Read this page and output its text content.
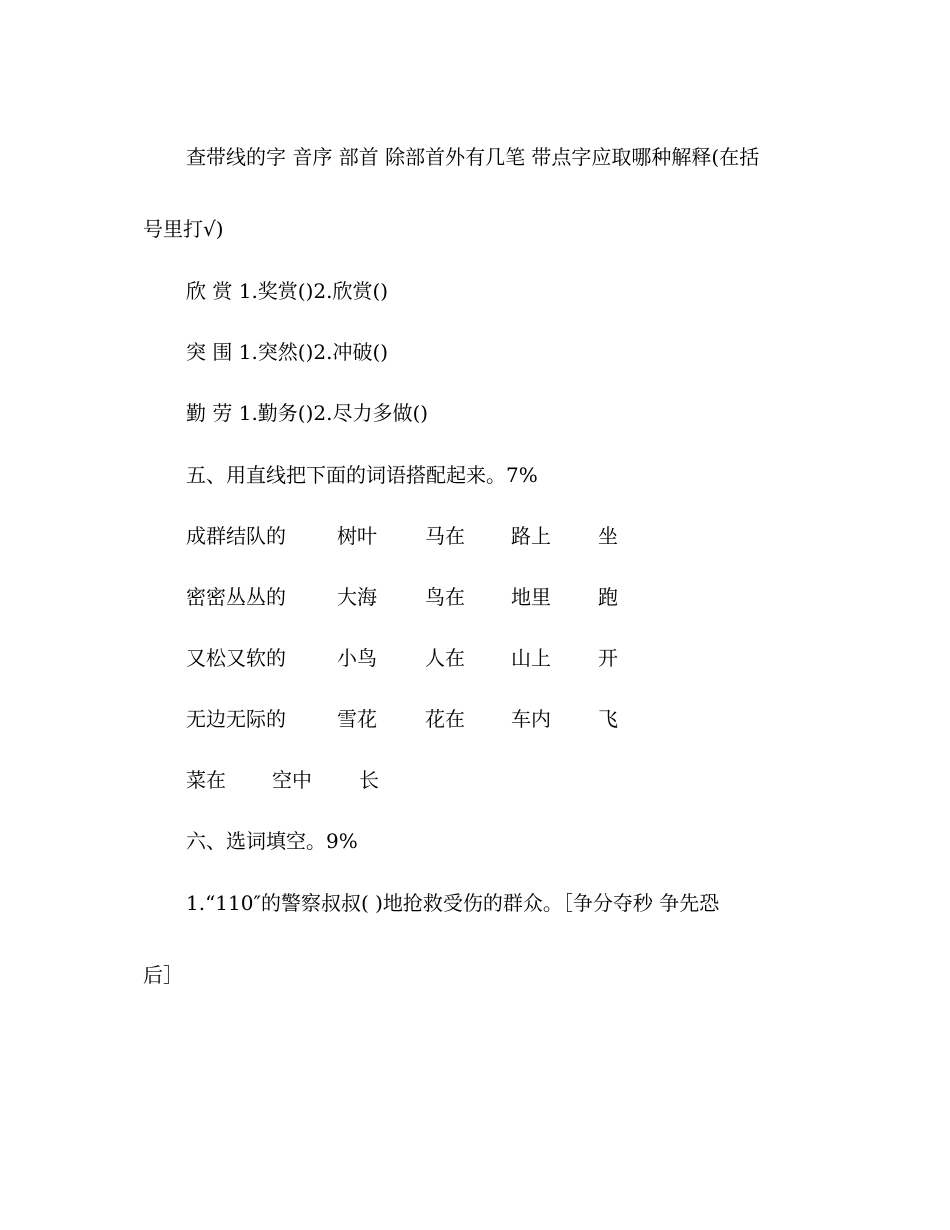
查带线的字 音序 部首 除部首外有几笔 带点字应取哪种解释(在括

号里打√)

欣 赏 1.奖赏()2.欣赏()

突 围 1.突然()2.冲破()

勤 劳 1.勤务()2.尽力多做()

五、用直线把下面的词语搭配起来。7%

成群结队的	树叶 马在 路上 坐
密密丛丛的	大海 鸟在 地里 跑
又松又软的	小鸟 人在 山上 开
无边无际的	雪花 花在 车内 飞
菜在 空中 长

六、选词填空。9%

1.“110″的警察叔叔( )地抢救受伤的群众。［争分夺秒 争先恐

后］
